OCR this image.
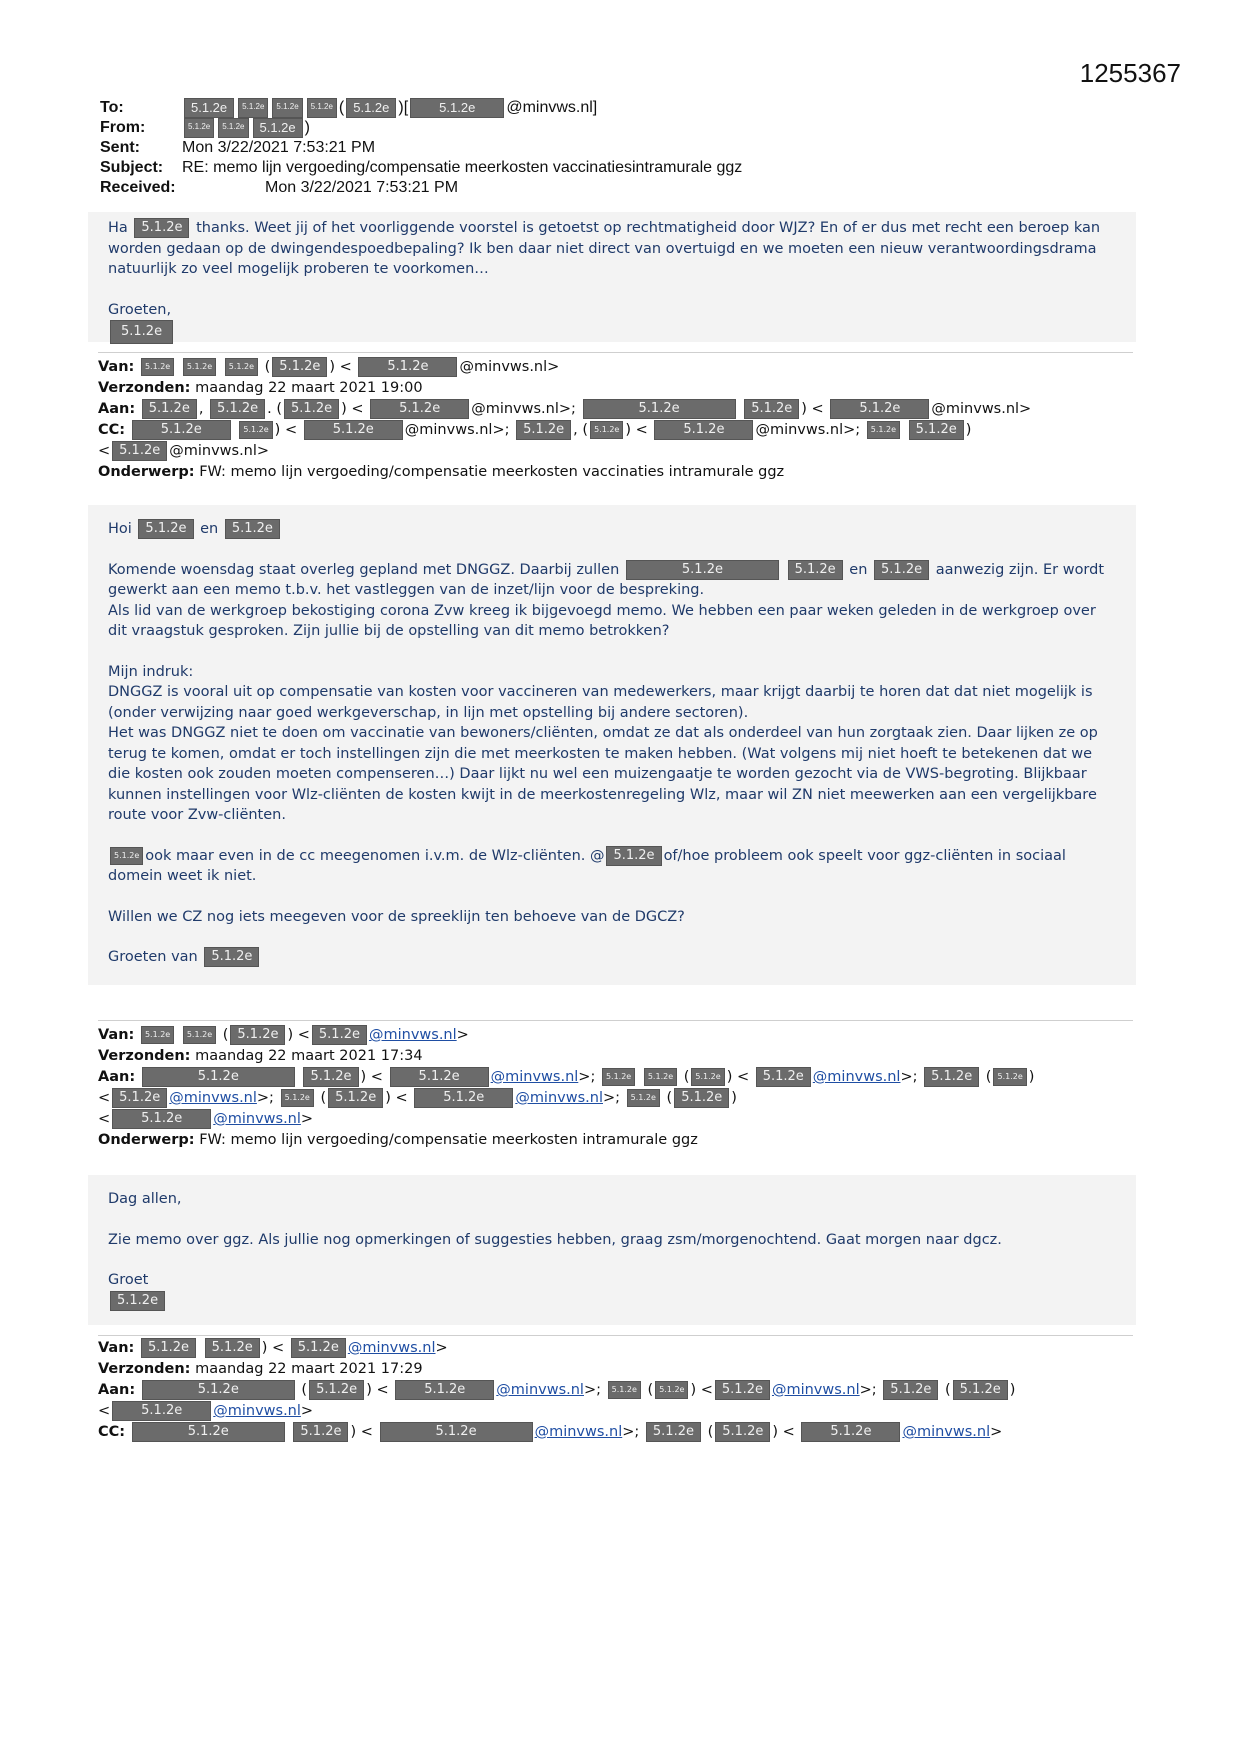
1255367
To:	5.1.2e	5.1.2e	5.1.2e	5.1.2e ( 5.1.2e )[	5.1.2e	@minvws.nl]
From:	5.1.2e	5.1.2e	5.1.2e )
Sent:	Mon 3/22/2021 7:53:21 PM
Subject:	RE: memo lijn vergoeding/compensatie meerkosten vaccinatiesintramurale ggz
Received:	Mon 3/22/2021 7:53:21 PM

Ha 5.1.2e thanks. Weet jij of het voorliggende voorstel is getoetst op rechtmatigheid door WJZ? En of er dus met recht een beroep kan worden gedaan op de dwingendespoedbepaling? Ik ben daar niet direct van overtuigd en we moeten een nieuw verantwoordingsdrama natuurlijk zo veel mogelijk proberen te voorkomen…

Groeten,
5.1.2e
Van: 5.1.2e 5.1.2e 5.1.2e ( 5.1.2e ) < 5.1.2e @minvws.nl>
Verzonden: maandag 22 maart 2021 19:00
Aan: 5.1.2e , 5.1.2e . ( 5.1.2e ) < 5.1.2e @minvws.nl>;	5.1.2e	5.1.2e ) < 5.1.2e @minvws.nl>
CC:	5.1.2e	5.1.2e ) < 5.1.2e @minvws.nl>; 5.1.2e , ( 5.1.2e ) < 5.1.2e @minvws.nl>; 5.1.2e 5.1.2e )
< 5.1.2e @minvws.nl>
Onderwerp: FW: memo lijn vergoeding/compensatie meerkosten vaccinaties intramurale ggz

Hoi 5.1.2e en 5.1.2e

Komende woensdag staat overleg gepland met DNGGZ. Daarbij zullen	5.1.2e	5.1.2e en 5.1.2e aanwezig zijn. Er wordt gewerkt aan een memo t.b.v. het vastleggen van de inzet/lijn voor de bespreking.
Als lid van de werkgroep bekostiging corona Zvw kreeg ik bijgevoegd memo. We hebben een paar weken geleden in de werkgroep over dit vraagstuk gesproken. Zijn jullie bij de opstelling van dit memo betrokken?

Mijn indruk:
DNGGZ is vooral uit op compensatie van kosten voor vaccineren van medewerkers, maar krijgt daarbij te horen dat dat niet mogelijk is (onder verwijzing naar goed werkgeverschap, in lijn met opstelling bij andere sectoren).
Het was DNGGZ niet te doen om vaccinatie van bewoners/cliënten, omdat ze dat als onderdeel van hun zorgtaak zien. Daar lijken ze op terug te komen, omdat er toch instellingen zijn die met meerkosten te maken hebben. (Wat volgens mij niet hoeft te betekenen dat we die kosten ook zouden moeten compenseren…) Daar lijkt nu wel een muizengaatje te worden gezocht via de VWS-begroting. Blijkbaar kunnen instellingen voor Wlz-cliënten de kosten kwijt in de meerkostenregeling Wlz, maar wil ZN niet meewerken aan een vergelijkbare route voor Zvw-cliënten.

5.1.2e ook maar even in de cc meegenomen i.v.m. de Wlz-cliënten. @ 5.1.2e of/hoe probleem ook speelt voor ggz-cliënten in sociaal domein weet ik niet.

Willen we CZ nog iets meegeven voor de spreeklijn ten behoeve van de DGCZ?

Groeten van 5.1.2e

Van: 5.1.2e 5.1.2e ( 5.1.2e ) < 5.1.2e @minvws.nl>
Verzonden: maandag 22 maart 2021 17:34
Aan:	5.1.2e	5.1.2e ) < 5.1.2e @minvws.nl>; 5.1.2e 5.1.2e ( 5.1.2e ) < 5.1.2e @minvws.nl>; 5.1.2e ( 5.1.2e )
< 5.1.2e @minvws.nl>; 5.1.2e ( 5.1.2e ) < 5.1.2e @minvws.nl>; 5.1.2e ( 5.1.2e )
< 5.1.2e @minvws.nl>
Onderwerp: FW: memo lijn vergoeding/compensatie meerkosten intramurale ggz

Dag allen,

Zie memo over ggz. Als jullie nog opmerkingen of suggesties hebben, graag zsm/morgenochtend. Gaat morgen naar dgcz.

Groet
5.1.2e
Van: 5.1.2e 5.1.2e ) < 5.1.2e @minvws.nl>
Verzonden: maandag 22 maart 2021 17:29
Aan:	5.1.2e	( 5.1.2e ) < 5.1.2e @minvws.nl>; 5.1.2e ( 5.1.2e ) < 5.1.2e @minvws.nl>; 5.1.2e ( 5.1.2e )
< 5.1.2e @minvws.nl>
CC:	5.1.2e	5.1.2e ) <	5.1.2e	@minvws.nl>; 5.1.2e ( 5.1.2e ) < 5.1.2e @minvws.nl>
